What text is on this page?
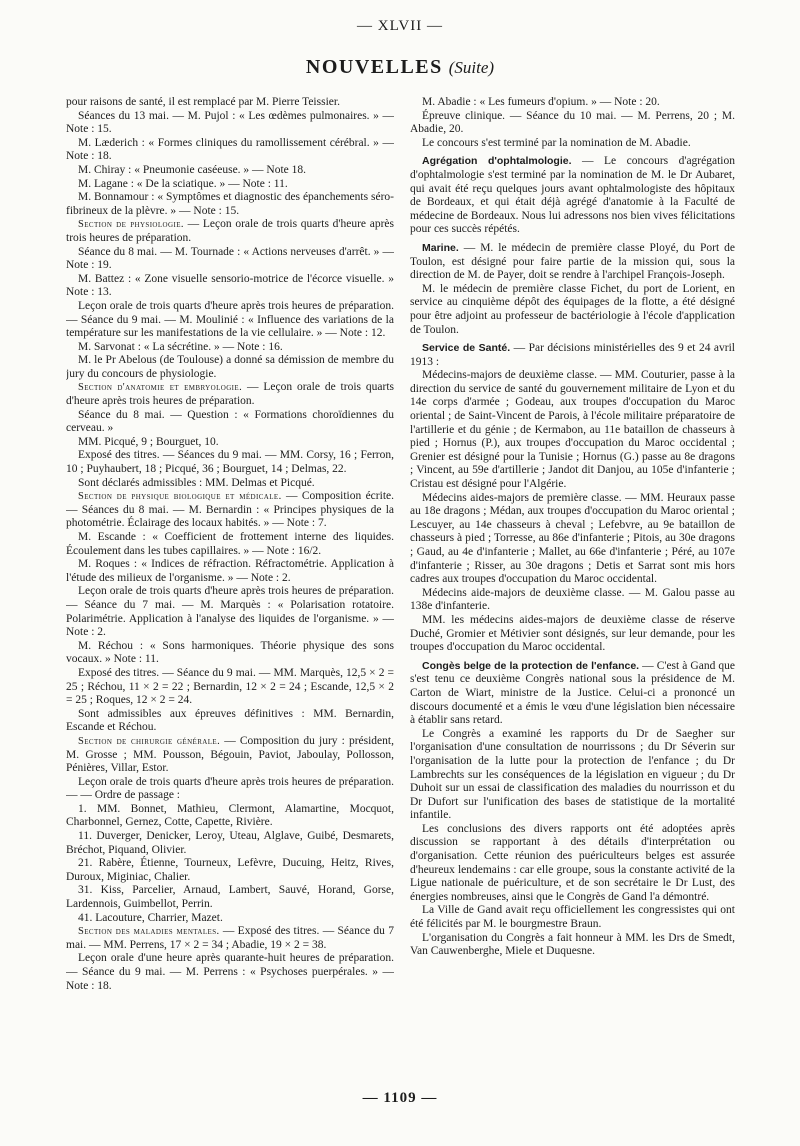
— XLVII —
NOUVELLES (Suite)

pour raisons de santé, il est remplacé par M. Pierre Teissier.

Séances du 13 mai. — M. Pujol : « Les œdèmes pulmonaires. » — Note : 15.

M. Læderich : « Formes cliniques du ramollissement cérébral. » — Note : 18.

M. Chiray : « Pneumonie caséeuse. » — Note 18.

M. Lagane : « De la sciatique. » — Note : 11.

M. Bonnamour : « Symptômes et diagnostic des épanchements séro-fibrineux de la plèvre. » — Note : 15.

Section de physiologie. — Leçon orale de trois quarts d'heure après trois heures de préparation.

Séance du 8 mai. — M. Tournade : « Actions nerveuses d'arrêt. » — Note : 19.

M. Battez : « Zone visuelle sensorio-motrice de l'écorce visuelle. » Note : 13.

Leçon orale de trois quarts d'heure après trois heures de préparation. — Séance du 9 mai. — M. Moulinié : « Influence des variations de la température sur les manifestations de la vie cellulaire. » — Note : 12.

M. Sarvonat : « La sécrétine. » — Note : 16.

M. le Pr Abelous (de Toulouse) a donné sa démission de membre du jury du concours de physiologie.

Section d'anatomie et embryologie. — Leçon orale de trois quarts d'heure après trois heures de préparation.

Séance du 8 mai. — Question : « Formations choroïdiennes du cerveau. »

MM. Picqué, 9 ; Bourguet, 10.

Exposé des titres. — Séances du 9 mai. — MM. Corsy, 16 ; Ferron, 10 ; Puyhaubert, 18 ; Picqué, 36 ; Bourguet, 14 ; Delmas, 22.

Sont déclarés admissibles : MM. Delmas et Picqué.

Section de physique biologique et médicale. — Composition écrite. — Séances du 8 mai. — M. Bernardin : « Principes physiques de la photométrie. Éclairage des locaux habités. » — Note : 7.

M. Escande : « Coefficient de frottement interne des liquides. Écoulement dans les tubes capillaires. » — Note : 16/2.

M. Roques : « Indices de réfraction. Réfractométrie. Application à l'étude des milieux de l'organisme. » — Note : 2.

Leçon orale de trois quarts d'heure après trois heures de préparation. — Séance du 7 mai. — M. Marquès : « Polarisation rotatoire. Polarimétrie. Application à l'analyse des liquides de l'organisme. » — Note : 2.

M. Réchou : « Sons harmoniques. Théorie physique des sons vocaux. » Note : 11.

Exposé des titres. — Séance du 9 mai. — MM. Marquès, 12,5 × 2 = 25 ; Réchou, 11 × 2 = 22 ; Bernardin, 12 × 2 = 24 ; Escande, 12,5 × 2 = 25 ; Roques, 12 × 2 = 24.

Sont admissibles aux épreuves définitives : MM. Bernardin, Escande et Réchou.

Section de chirurgie générale. — Composition du jury : président, M. Grosse ; MM. Pousson, Bégouin, Paviot, Jaboulay, Pollosson, Pénières, Villar, Estor.

Leçon orale de trois quarts d'heure après trois heures de préparation. — — Ordre de passage :

1. MM. Bonnet, Mathieu, Clermont, Alamartine, Mocquot, Charbonnel, Gernez, Cotte, Capette, Rivière.

11. Duverger, Denicker, Leroy, Uteau, Alglave, Guibé, Desmarets, Bréchot, Piquand, Olivier.

21. Rabère, Étienne, Tourneux, Lefèvre, Ducuing, Heitz, Rives, Duroux, Miginiac, Chalier.

31. Kiss, Parcelier, Arnaud, Lambert, Sauvé, Horand, Gorse, Lardennois, Guimbellot, Perrin.

41. Lacouture, Charrier, Mazet.

Section des maladies mentales. — Exposé des titres. — Séance du 7 mai. — MM. Perrens, 17 × 2 = 34 ; Abadie, 19 × 2 = 38.

Leçon orale d'une heure après quarante-huit heures de préparation. — Séance du 9 mai. — M. Perrens : « Psychoses puerpérales. » — Note : 18.

M. Abadie : « Les fumeurs d'opium. » — Note : 20.

Épreuve clinique. — Séance du 10 mai. — M. Perrens, 20 ; M. Abadie, 20.

Le concours s'est terminé par la nomination de M. Abadie.

Agrégation d'ophtalmologie. — Le concours d'agrégation d'ophtalmologie s'est terminé par la nomination de M. le Dr Aubaret, qui avait été reçu quelques jours avant ophtalmologiste des hôpitaux de Bordeaux, et qui était déjà agrégé d'anatomie à la Faculté de médecine de Bordeaux. Nous lui adressons nos bien vives félicitations pour ces succès répétés.

Marine. — M. le médecin de première classe Ployé, du Port de Toulon, est désigné pour faire partie de la mission qui, sous la direction de M. de Payer, doit se rendre à l'archipel François-Joseph.

M. le médecin de première classe Fichet, du port de Lorient, en service au cinquième dépôt des équipages de la flotte, a été désigné pour être adjoint au professeur de bactériologie à l'école d'application de Toulon.

Service de Santé. — Par décisions ministérielles des 9 et 24 avril 1913 :

Médecins-majors de deuxième classe. — MM. Couturier, passe à la direction du service de santé du gouvernement militaire de Lyon et du 14e corps d'armée ; Godeau, aux troupes d'occupation du Maroc oriental ; de Saint-Vincent de Parois, à l'école militaire préparatoire de l'artillerie et du génie ; de Kermabon, au 11e bataillon de chasseurs à pied ; Hornus (P.), aux troupes d'occupation du Maroc occidental ; Grenier est désigné pour la Tunisie ; Hornus (G.) passe au 8e dragons ; Vincent, au 59e d'artillerie ; Jandot dit Danjou, au 105e d'infanterie ; Cristau est désigné pour l'Algérie.

Médecins aides-majors de première classe. — MM. Heuraux passe au 18e dragons ; Médan, aux troupes d'occupation du Maroc oriental ; Lescuyer, au 14e chasseurs à cheval ; Lefebvre, au 9e bataillon de chasseurs à pied ; Torresse, au 86e d'infanterie ; Pitois, au 30e dragons ; Gaud, au 4e d'infanterie ; Mallet, au 66e d'infanterie ; Péré, au 107e d'infanterie ; Risser, au 30e dragons ; Detis et Sarrat sont mis hors cadres aux troupes d'occupation du Maroc occidental.

Médecins aide-majors de deuxième classe. — M. Galou passe au 138e d'infanterie.

MM. les médecins aides-majors de deuxième classe de réserve Duché, Gromier et Métivier sont désignés, sur leur demande, pour les troupes d'occupation du Maroc occidental.

Congès belge de la protection de l'enfance. — C'est à Gand que s'est tenu ce deuxième Congrès national sous la présidence de M. Carton de Wiart, ministre de la Justice. Celui-ci a prononcé un discours documenté et a émis le vœu d'une législation bien nécessaire à établir sans retard.

Le Congrès a examiné les rapports du Dr de Saegher sur l'organisation d'une consultation de nourrissons ; du Dr Séverin sur l'organisation de la lutte pour la protection de l'enfance ; du Dr Lambrechts sur les conséquences de la législation en vigueur ; du Dr Duhoit sur un essai de classification des maladies du nourrisson et du Dr Dufort sur l'unification des bases de statistique de la mortalité infantile.

Les conclusions des divers rapports ont été adoptées après discussion se rapportant à des détails d'interprétation ou d'organisation. Cette réunion des puériculteurs belges est assurée d'heureux lendemains : car elle groupe, sous la constante activité de la Ligue nationale de puériculture, et de son secrétaire le Dr Lust, des énergies nombreuses, ainsi que le Congrès de Gand l'a démontré.

La Ville de Gand avait reçu officiellement les congressistes qui ont été félicités par M. le bourgmestre Braun.

L'organisation du Congrès a fait honneur à MM. les Drs de Smedt, Van Cauwenberghe, Miele et Duquesne.

— 1109 —
